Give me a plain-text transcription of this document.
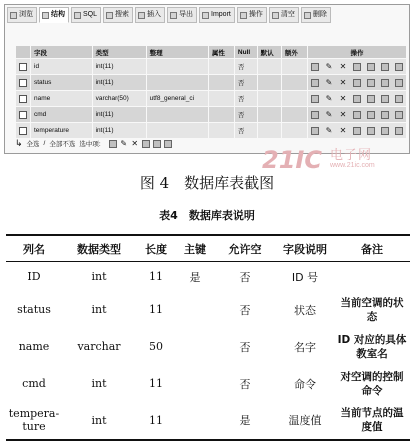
浏览	结构	SQL	搜索	插入	导出	Import	操作	清空	删除
	字段	类型	整理	属性	Null	默认	额外	操作
	id	int(11)			否			✎ ✕

	status	int(11)			否			✎ ✕

	name	varchar(50)	utf8_general_ci		否			✎ ✕

	cmd	int(11)			否			✎ ✕

	temperature	int(11)			否			✎ ✕
↳ 全选 / 全部不选 选中项: ✎ ✕
21IC 电子网
www.21ic.com
图 4　数据库表截图
表4　数据库表说明
列名	数据类型	长度	主键	允许空	字段说明	备注
ID	int	11	是	否	ID 号	
status	int	11		否	状态	当前空调的状态
name	varchar	50		否	名字	ID 对应的具体教室名
cmd	int	11		否	命令	对空调的控制命令
tempera-ture	int	11		是	温度值	当前节点的温度值
